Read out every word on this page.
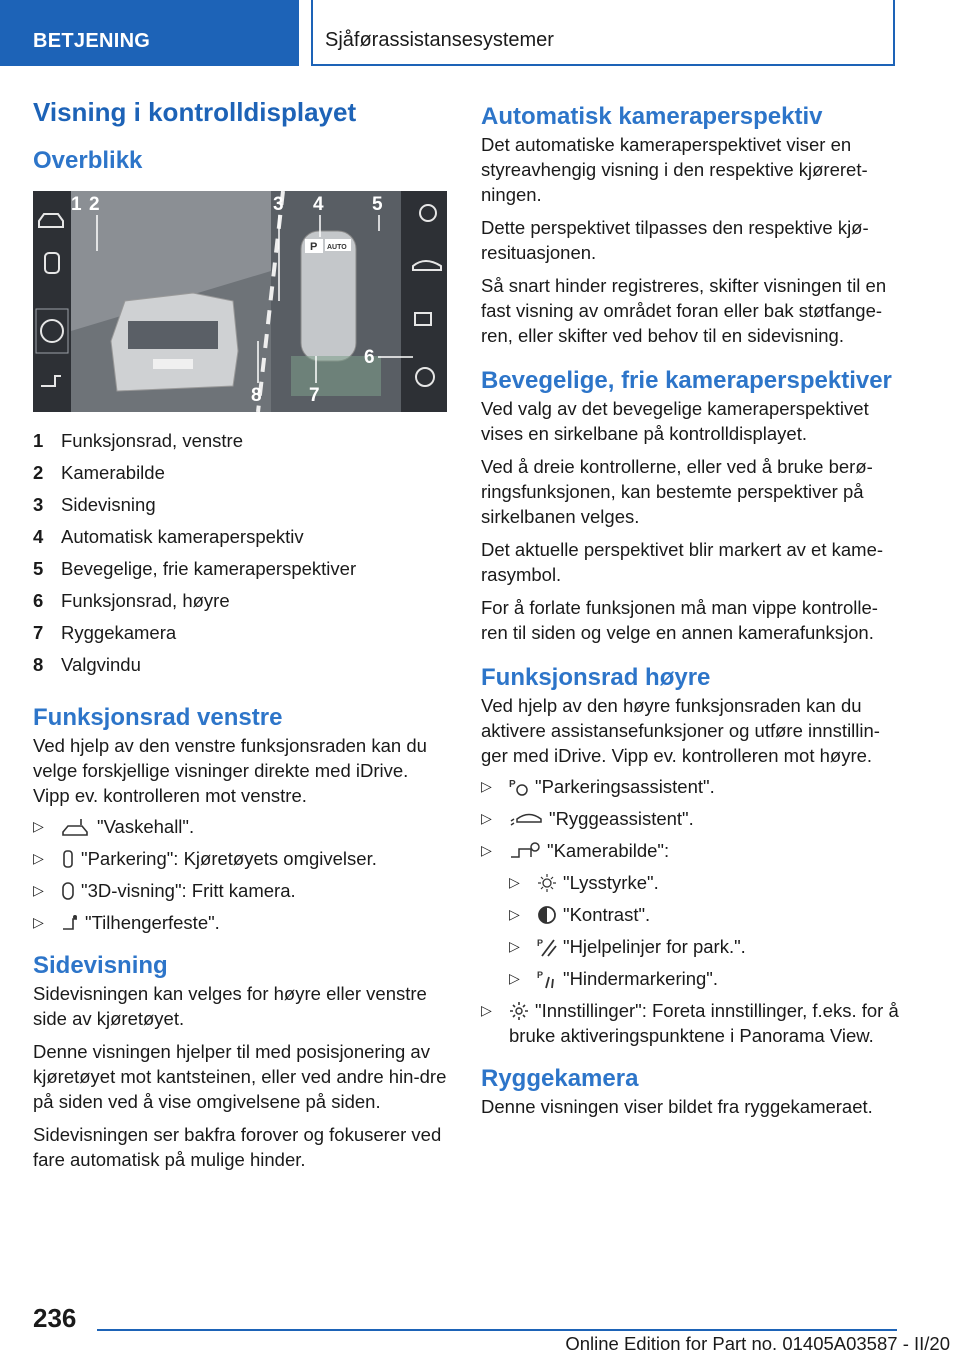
BETJENING	Sjåførassistansesystemer
Visning i kontrolldisplayet
Overblikk
P AUTO
1 2	3 4	5
6
7
8
1 Funksjonsrad, venstre
2 Kamerabilde
3 Sidevisning
4 Automatisk kameraperspektiv
5 Bevegelige, frie kameraperspektiver
6 Funksjonsrad, høyre
7 Ryggekamera
8 Valgvindu
Funksjonsrad venstre

Ved hjelp av den venstre funksjonsraden kan du velge forskjellige visninger direkte med iDrive. Vipp ev. kontrolleren mot venstre.

▷	"Vaskehall".
▷ "Parkering": Kjøretøyets omgivelser.
▷ "3D-visning": Fritt kamera.
▷ "Tilhengerfeste".
Sidevisning

Sidevisningen kan velges for høyre eller venstre side av kjøretøyet.

Denne visningen hjelper til med posisjonering av kjøretøyet mot kantsteinen, eller ved andre hin-dre på siden ved å vise omgivelsene på siden.

Sidevisningen ser bakfra forover og fokuserer ved fare automatisk på mulige hinder.

Automatisk kameraperspektiv

Det automatiske kameraperspektivet viser en styreavhengig visning i den respektive kjøreret-ningen.

Dette perspektivet tilpasses den respektive kjø-resituasjonen.

Så snart hinder registreres, skifter visningen til en fast visning av området foran eller bak støtfange-ren, eller skifter ved behov til en sidevisning.

Bevegelige, frie kameraperspektiver

Ved valg av det bevegelige kameraperspektivet vises en sirkelbane på kontrolldisplayet.

Ved å dreie kontrollerne, eller ved å bruke berø-ringsfunksjonen, kan bestemte perspektiver på sirkelbanen velges.

Det aktuelle perspektivet blir markert av et kame-rasymbol.

For å forlate funksjonen må man vippe kontrolle-ren til siden og velge en annen kamerafunksjon.

Funksjonsrad høyre

Ved hjelp av den høyre funksjonsraden kan du aktivere assistansefunksjoner og utføre innstillin-ger med iDrive. Vipp ev. kontrolleren mot høyre.

▷ P "Parkeringsassistent".
▷	"Ryggeassistent".
▷	"Kamerabilde":
▷ "Lysstyrke".
▷ "Kontrast".
▷ P "Hjelpelinjer for park.".
▷ P "Hindermarkering".
▷ "Innstillinger": Foreta innstillinger, f.eks. for å bruke aktiveringspunktene i Panorama View.
Ryggekamera

Denne visningen viser bildet fra ryggekameraet.

236
Online Edition for Part no. 01405A03587 - II/20
